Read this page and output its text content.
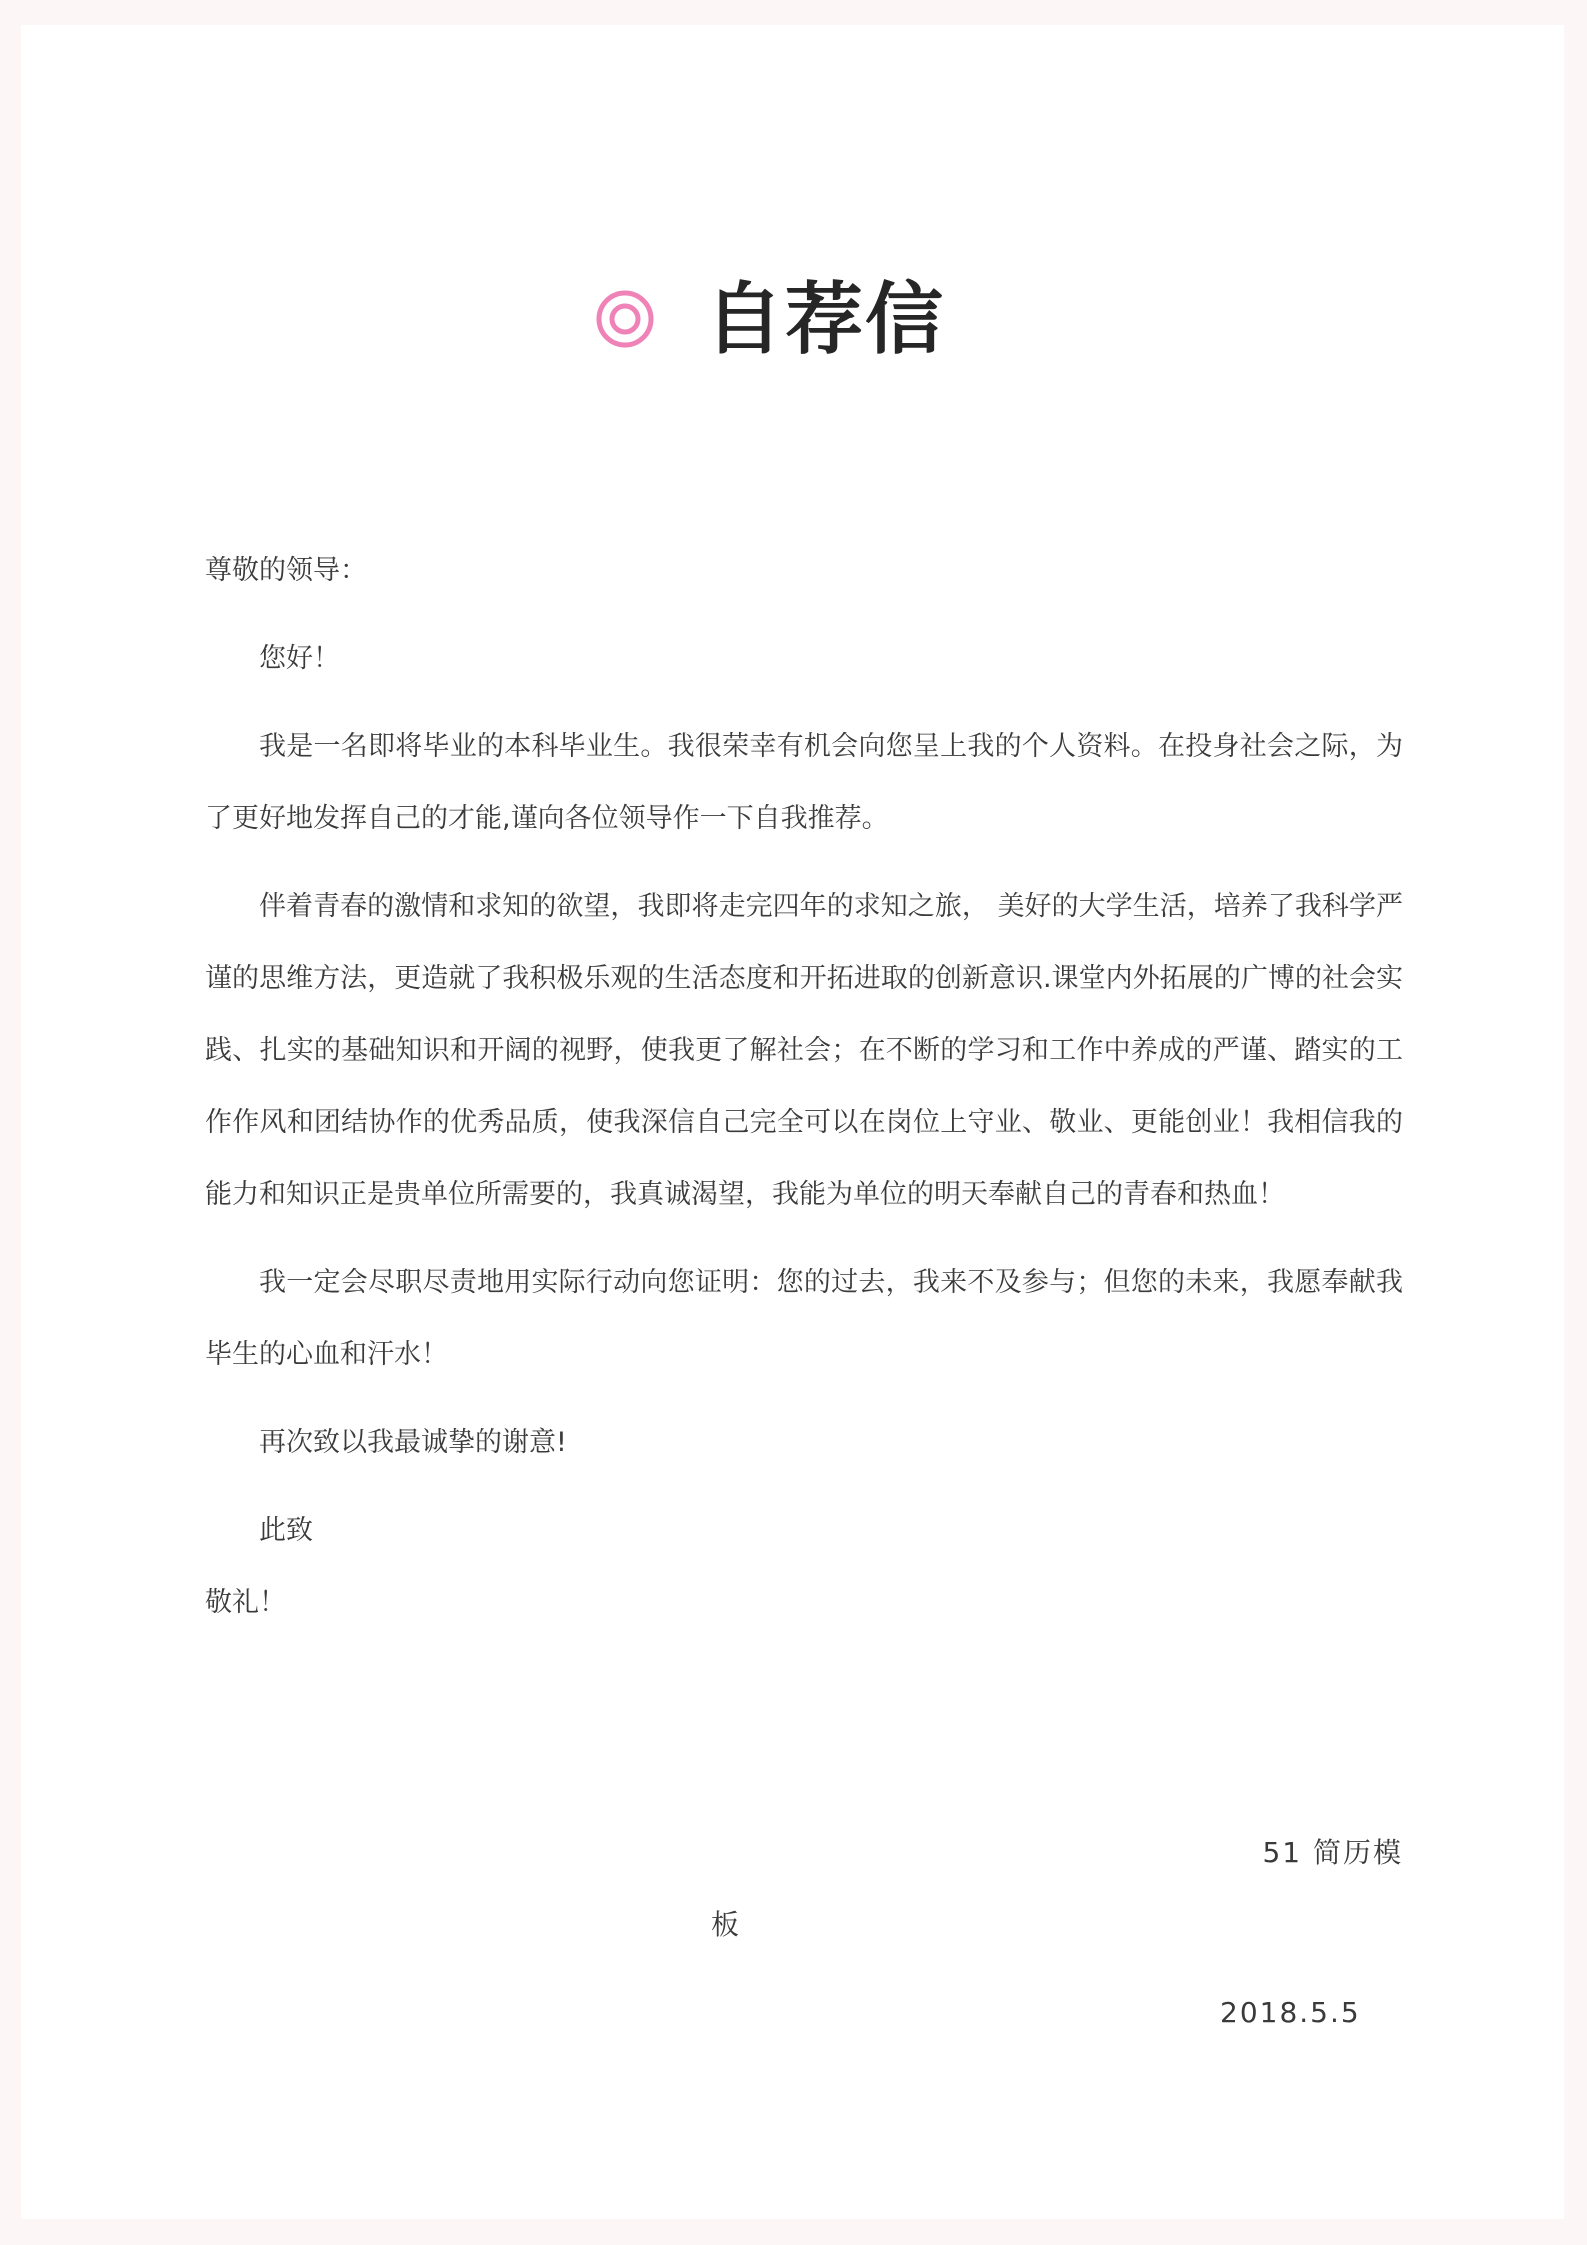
自荐信

尊敬的领导：

您好！

我是一名即将毕业的本科毕业生。我很荣幸有机会向您呈上我的个人资料。在投身社会之际，为了更好地发挥自己的才能,谨向各位领导作一下自我推荐。

伴着青春的激情和求知的欲望，我即将走完四年的求知之旅， 美好的大学生活，培养了我科学严谨的思维方法，更造就了我积极乐观的生活态度和开拓进取的创新意识.课堂内外拓展的广博的社会实践、扎实的基础知识和开阔的视野，使我更了解社会；在不断的学习和工作中养成的严谨、踏实的工作作风和团结协作的优秀品质，使我深信自己完全可以在岗位上守业、敬业、更能创业！我相信我的能力和知识正是贵单位所需要的，我真诚渴望，我能为单位的明天奉献自己的青春和热血！

我一定会尽职尽责地用实际行动向您证明：您的过去，我来不及参与；但您的未来，我愿奉献我毕生的心血和汗水！

再次致以我最诚挚的谢意!

此致

敬礼！

51 简历模
板
2018.5.5
